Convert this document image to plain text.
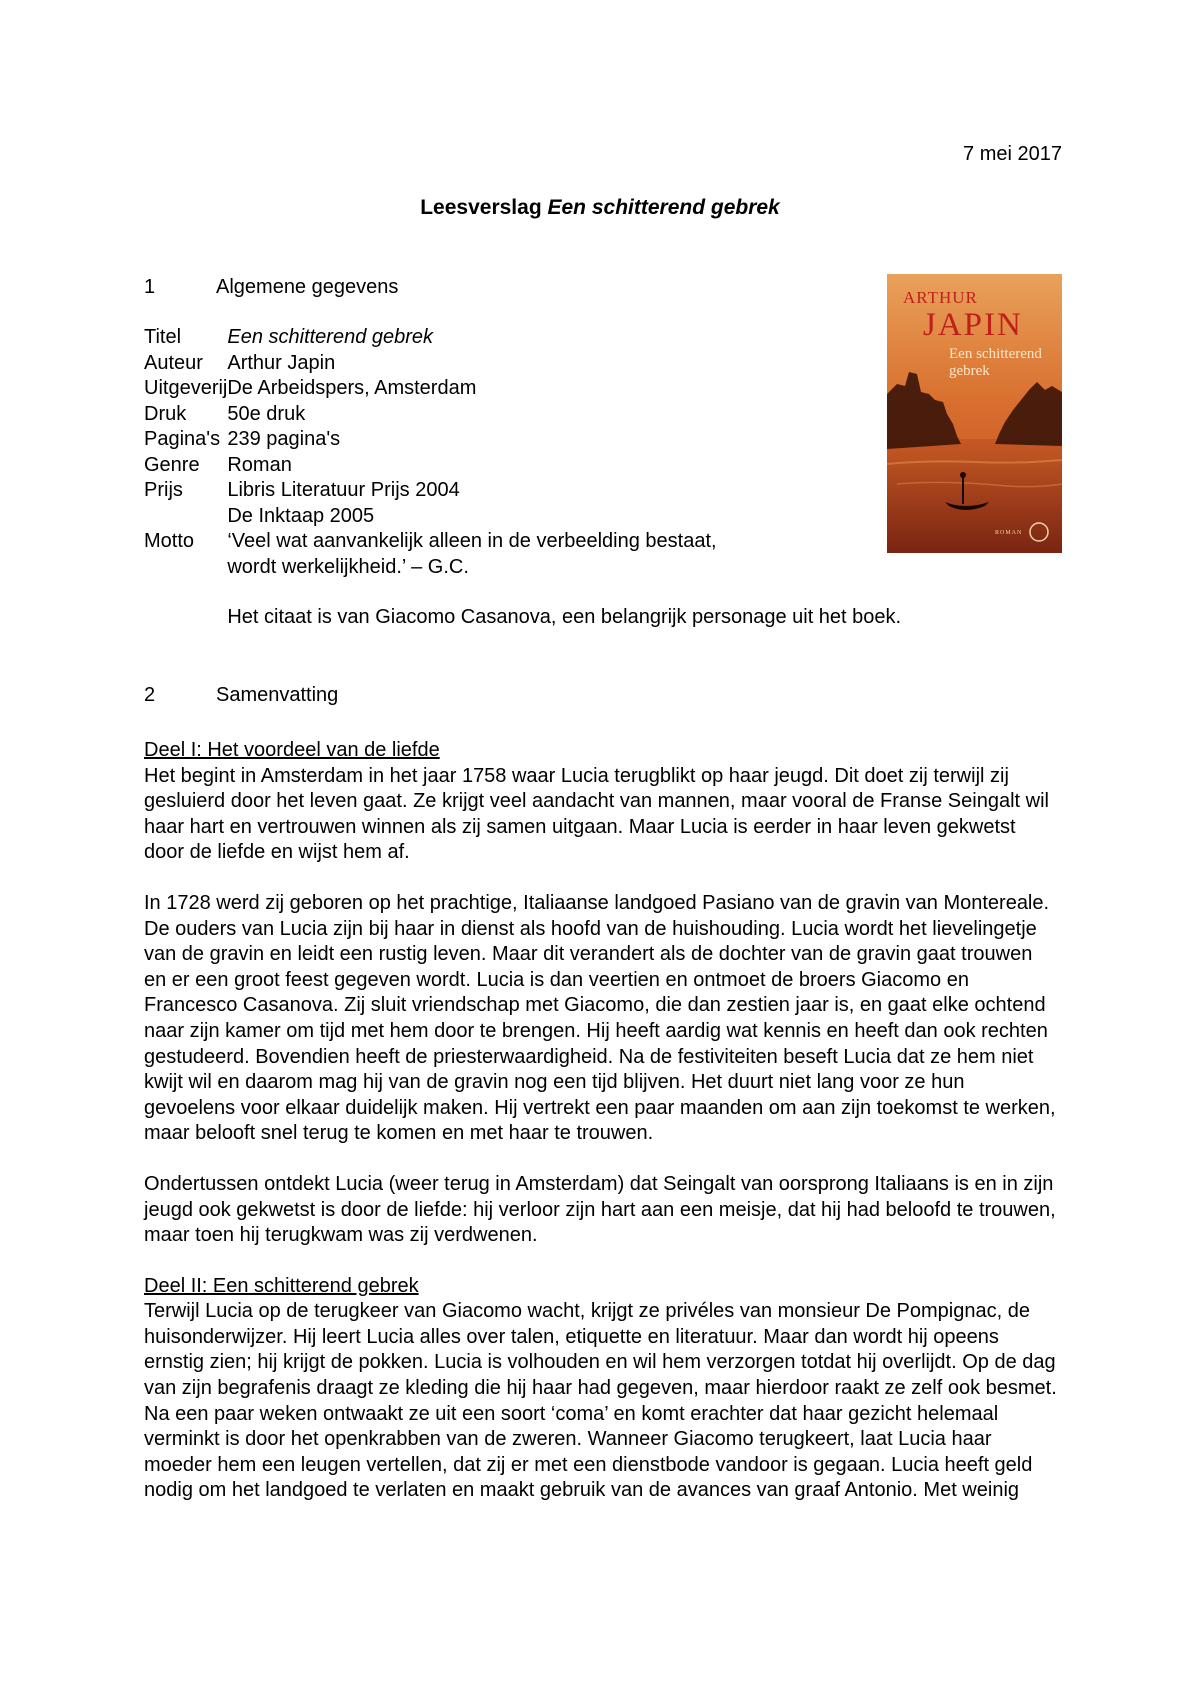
7 mei 2017
Leesverslag Een schitterend gebrek
1	Algemene gegevens
Titel	Een schitterend gebrek
Auteur	Arthur Japin
Uitgeverij	De Arbeidspers, Amsterdam
Druk	50e druk
Pagina's	239 pagina's
Genre	Roman
Prijs	Libris Literatuur Prijs 2004
De Inktaap 2005

Motto	‘Veel wat aanvankelijk alleen in de verbeelding bestaat,
wordt werkelijkheid.’ – G.C.
Het citaat is van Giacomo Casanova, een belangrijk personage uit het boek.
ARTHUR
JAPIN
Een schitterend
gebrek
ROMAN
2	Samenvatting
Deel I: Het voordeel van de liefde

Het begint in Amsterdam in het jaar 1758 waar Lucia terugblikt op haar jeugd. Dit doet zij terwijl zij gesluierd door het leven gaat. Ze krijgt veel aandacht van mannen, maar vooral de Franse Seingalt wil haar hart en vertrouwen winnen als zij samen uitgaan. Maar Lucia is eerder in haar leven gekwetst door de liefde en wijst hem af.

In 1728 werd zij geboren op het prachtige, Italiaanse landgoed Pasiano van de gravin van Montereale. De ouders van Lucia zijn bij haar in dienst als hoofd van de huishouding. Lucia wordt het lievelingetje van de gravin en leidt een rustig leven. Maar dit verandert als de dochter van de gravin gaat trouwen en er een groot feest gegeven wordt. Lucia is dan veertien en ontmoet de broers Giacomo en Francesco Casanova. Zij sluit vriendschap met Giacomo, die dan zestien jaar is, en gaat elke ochtend naar zijn kamer om tijd met hem door te brengen. Hij heeft aardig wat kennis en heeft dan ook rechten gestudeerd. Bovendien heeft de priesterwaardigheid. Na de festiviteiten beseft Lucia dat ze hem niet kwijt wil en daarom mag hij van de gravin nog een tijd blijven. Het duurt niet lang voor ze hun gevoelens voor elkaar duidelijk maken. Hij vertrekt een paar maanden om aan zijn toekomst te werken, maar belooft snel terug te komen en met haar te trouwen.

Ondertussen ontdekt Lucia (weer terug in Amsterdam) dat Seingalt van oorsprong Italiaans is en in zijn jeugd ook gekwetst is door de liefde: hij verloor zijn hart aan een meisje, dat hij had beloofd te trouwen, maar toen hij terugkwam was zij verdwenen.

Deel II: Een schitterend gebrek

Terwijl Lucia op de terugkeer van Giacomo wacht, krijgt ze privéles van monsieur De Pompignac, de huisonderwijzer. Hij leert Lucia alles over talen, etiquette en literatuur. Maar dan wordt hij opeens ernstig zien; hij krijgt de pokken. Lucia is volhouden en wil hem verzorgen totdat hij overlijdt. Op de dag van zijn begrafenis draagt ze kleding die hij haar had gegeven, maar hierdoor raakt ze zelf ook besmet. Na een paar weken ontwaakt ze uit een soort ‘coma’ en komt erachter dat haar gezicht helemaal verminkt is door het openkrabben van de zweren. Wanneer Giacomo terugkeert, laat Lucia haar moeder hem een leugen vertellen, dat zij er met een dienstbode vandoor is gegaan. Lucia heeft geld nodig om het landgoed te verlaten en maakt gebruik van de avances van graaf Antonio. Met weinig
